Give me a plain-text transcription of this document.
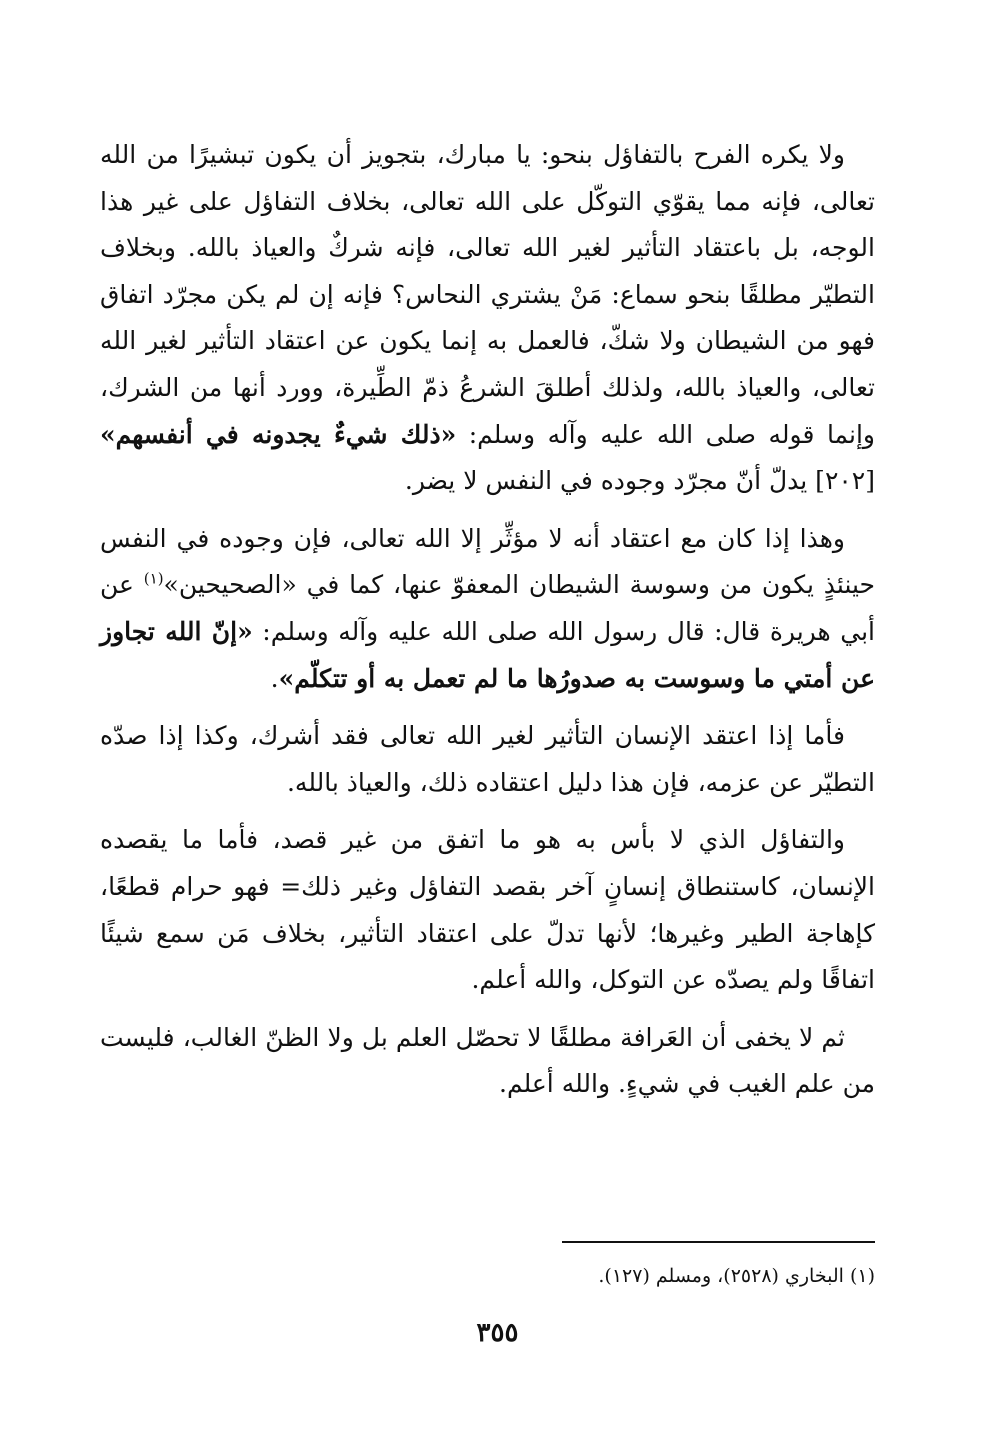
ولا يكره الفرح بالتفاؤل بنحو: يا مبارك، بتجويز أن يكون تبشيرًا من الله تعالى، فإنه مما يقوّي التوكّل على الله تعالى، بخلاف التفاؤل على غير هذا الوجه، بل باعتقاد التأثير لغير الله تعالى، فإنه شركٌ والعياذ بالله. وبخلاف التطيّر مطلقًا بنحو سماع: مَنْ يشتري النحاس؟ فإنه إن لم يكن مجرّد اتفاق فهو من الشيطان ولا شكّ، فالعمل به إنما يكون عن اعتقاد التأثير لغير الله تعالى، والعياذ بالله، ولذلك أطلقَ الشرعُ ذمّ الطِّيرة، وورد أنها من الشرك، وإنما قوله صلى الله عليه وآله وسلم: «ذلك شيءٌ يجدونه في أنفسهم» [٢٠٢] يدلّ أنّ مجرّد وجوده في النفس لا يضر.

وهذا إذا كان مع اعتقاد أنه لا مؤثِّر إلا الله تعالى، فإن وجوده في النفس حينئذٍ يكون من وسوسة الشيطان المعفوّ عنها، كما في «الصحيحين»$^{(١)}$ عن أبي هريرة قال: قال رسول الله صلى الله عليه وآله وسلم: «إنّ الله تجاوز عن أمتي ما وسوست به صدورُها ما لم تعمل به أو تتكلّم».

فأما إذا اعتقد الإنسان التأثير لغير الله تعالى فقد أشرك، وكذا إذا صدّه التطيّر عن عزمه، فإن هذا دليل اعتقاده ذلك، والعياذ بالله.

والتفاؤل الذي لا بأس به هو ما اتفق من غير قصد، فأما ما يقصده الإنسان، كاستنطاق إنسانٍ آخر بقصد التفاؤل وغير ذلك= فهو حرام قطعًا، كإهاجة الطير وغيرها؛ لأنها تدلّ على اعتقاد التأثير، بخلاف مَن سمع شيئًا اتفاقًا ولم يصدّه عن التوكل، والله أعلم.

ثم لا يخفى أن العَرافة مطلقًا لا تحصّل العلم بل ولا الظنّ الغالب، فليست من علم الغيب في شيءٍ. والله أعلم.

(١) البخاري (٢٥٢٨)، ومسلم (١٢٧).
٣٥٥
